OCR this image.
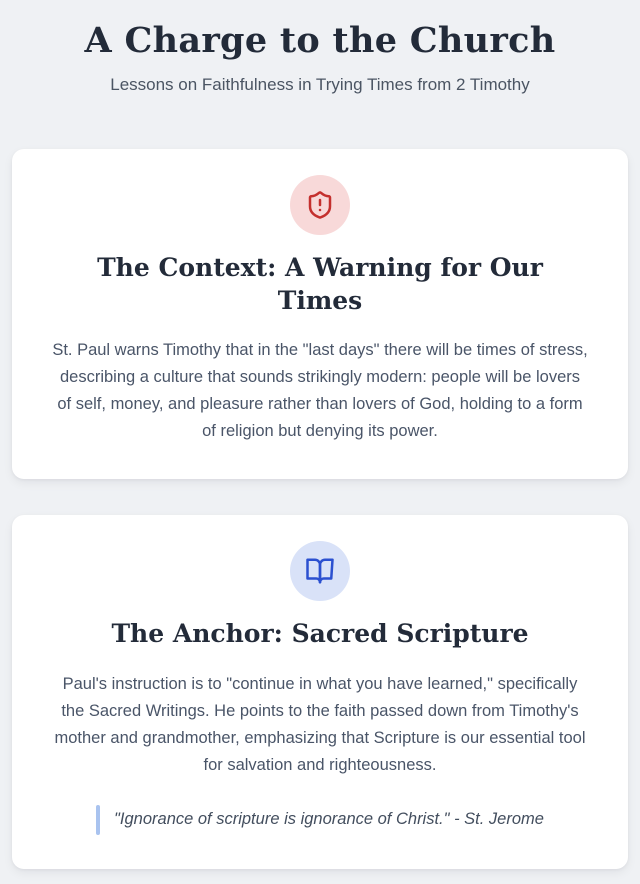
A Charge to the Church
Lessons on Faithfulness in Trying Times from 2 Timothy
The Context: A Warning for Our Times

St. Paul warns Timothy that in the "last days" there will be times of stress, describing a culture that sounds strikingly modern: people will be lovers of self, money, and pleasure rather than lovers of God, holding to a form of religion but denying its power.

The Anchor: Sacred Scripture

Paul's instruction is to "continue in what you have learned," specifically the Sacred Writings. He points to the faith passed down from Timothy's mother and grandmother, emphasizing that Scripture is our essential tool for salvation and righteousness.

"Ignorance of scripture is ignorance of Christ." - St. Jerome
